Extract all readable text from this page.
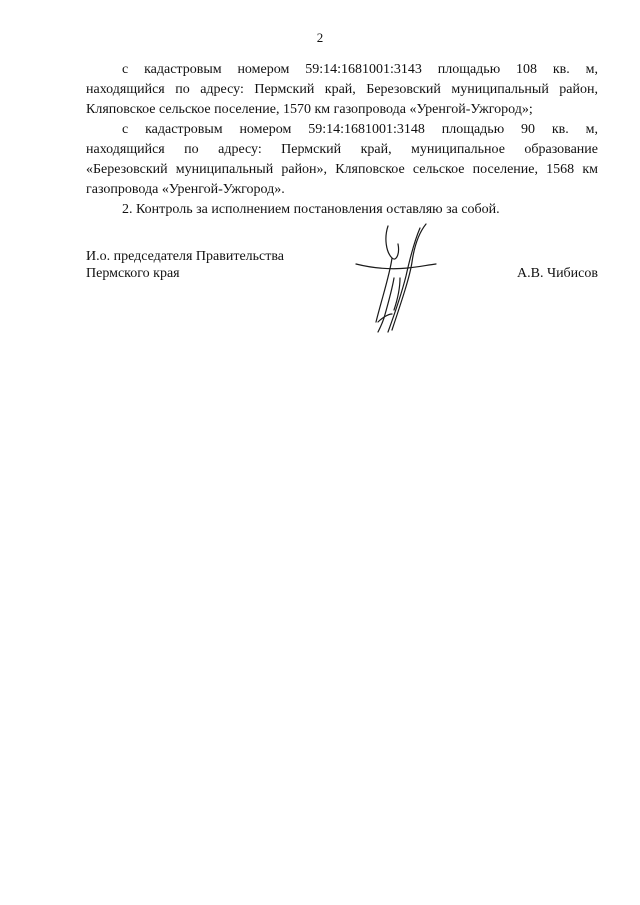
2
с кадастровым номером 59:14:1681001:3143 площадью 108 кв. м,
находящийся по адресу: Пермский край, Березовский муниципальный район,
Кляповское сельское поселение, 1570 км газопровода «Уренгой-Ужгород»;
с кадастровым номером 59:14:1681001:3148 площадью 90 кв. м,
находящийся по адресу: Пермский край, муниципальное образование
«Березовский муниципальный район», Кляповское сельское поселение, 1568 км
газопровода «Уренгой-Ужгород».
2. Контроль за исполнением постановления оставляю за собой.
И.о. председателя Правительства
Пермского края	А.В. Чибисов
